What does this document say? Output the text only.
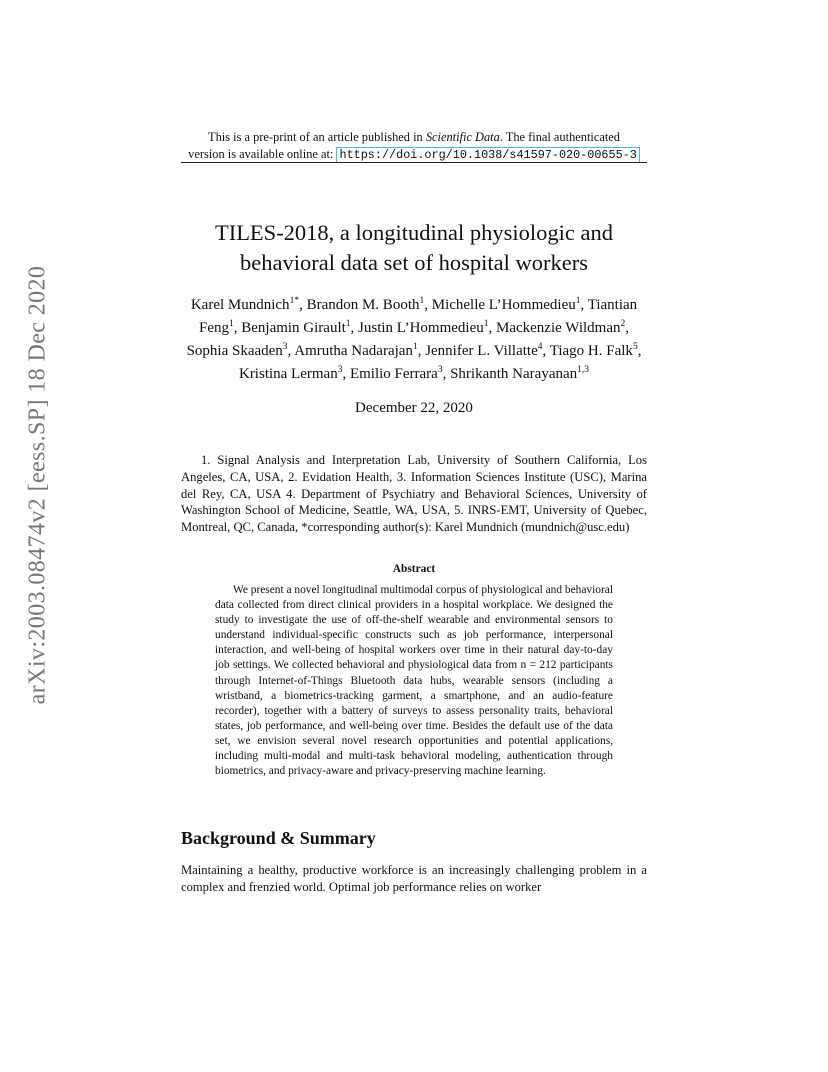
arXiv:2003.08474v2 [eess.SP] 18 Dec 2020
This is a pre-print of an article published in Scientific Data. The final authenticated
version is available online at: https://doi.org/10.1038/s41597-020-00655-3
TILES-2018, a longitudinal physiologic and behavioral data set of hospital workers
Karel Mundnich$^{1*}$, Brandon M. Booth$^1$, Michelle L’Hommedieu$^1$, Tiantian Feng$^1$, Benjamin Girault$^1$, Justin L’Hommedieu$^1$, Mackenzie Wildman$^2$, Sophia Skaaden$^3$, Amrutha Nadarajan$^1$, Jennifer L. Villatte$^4$, Tiago H. Falk$^5$, Kristina Lerman$^3$, Emilio Ferrara$^3$, Shrikanth Narayanan$^{1,3}$
December 22, 2020

1. Signal Analysis and Interpretation Lab, University of Southern California, Los Angeles, CA, USA, 2. Evidation Health, 3. Information Sciences Institute (USC), Marina del Rey, CA, USA 4. Department of Psychiatry and Behavioral Sciences, University of Washington School of Medicine, Seattle, WA, USA, 5. INRS-EMT, University of Quebec, Montreal, QC, Canada, *corresponding author(s): Karel Mundnich (mundnich@usc.edu)

Abstract

We present a novel longitudinal multimodal corpus of physiological and behavioral data collected from direct clinical providers in a hospital workplace. We designed the study to investigate the use of off-the-shelf wearable and environmental sensors to understand individual-specific constructs such as job performance, interpersonal interaction, and well-being of hospital workers over time in their natural day-to-day job settings. We collected behavioral and physiological data from n = 212 participants through Internet-of-Things Bluetooth data hubs, wearable sensors (including a wristband, a biometrics-tracking garment, a smartphone, and an audio-feature recorder), together with a battery of surveys to assess personality traits, behavioral states, job performance, and well-being over time. Besides the default use of the data set, we envision several novel research opportunities and potential applications, including multi-modal and multi-task behavioral modeling, authentication through biometrics, and privacy-aware and privacy-preserving machine learning.

Background & Summary

Maintaining a healthy, productive workforce is an increasingly challenging problem in a complex and frenzied world. Optimal job performance relies on worker
